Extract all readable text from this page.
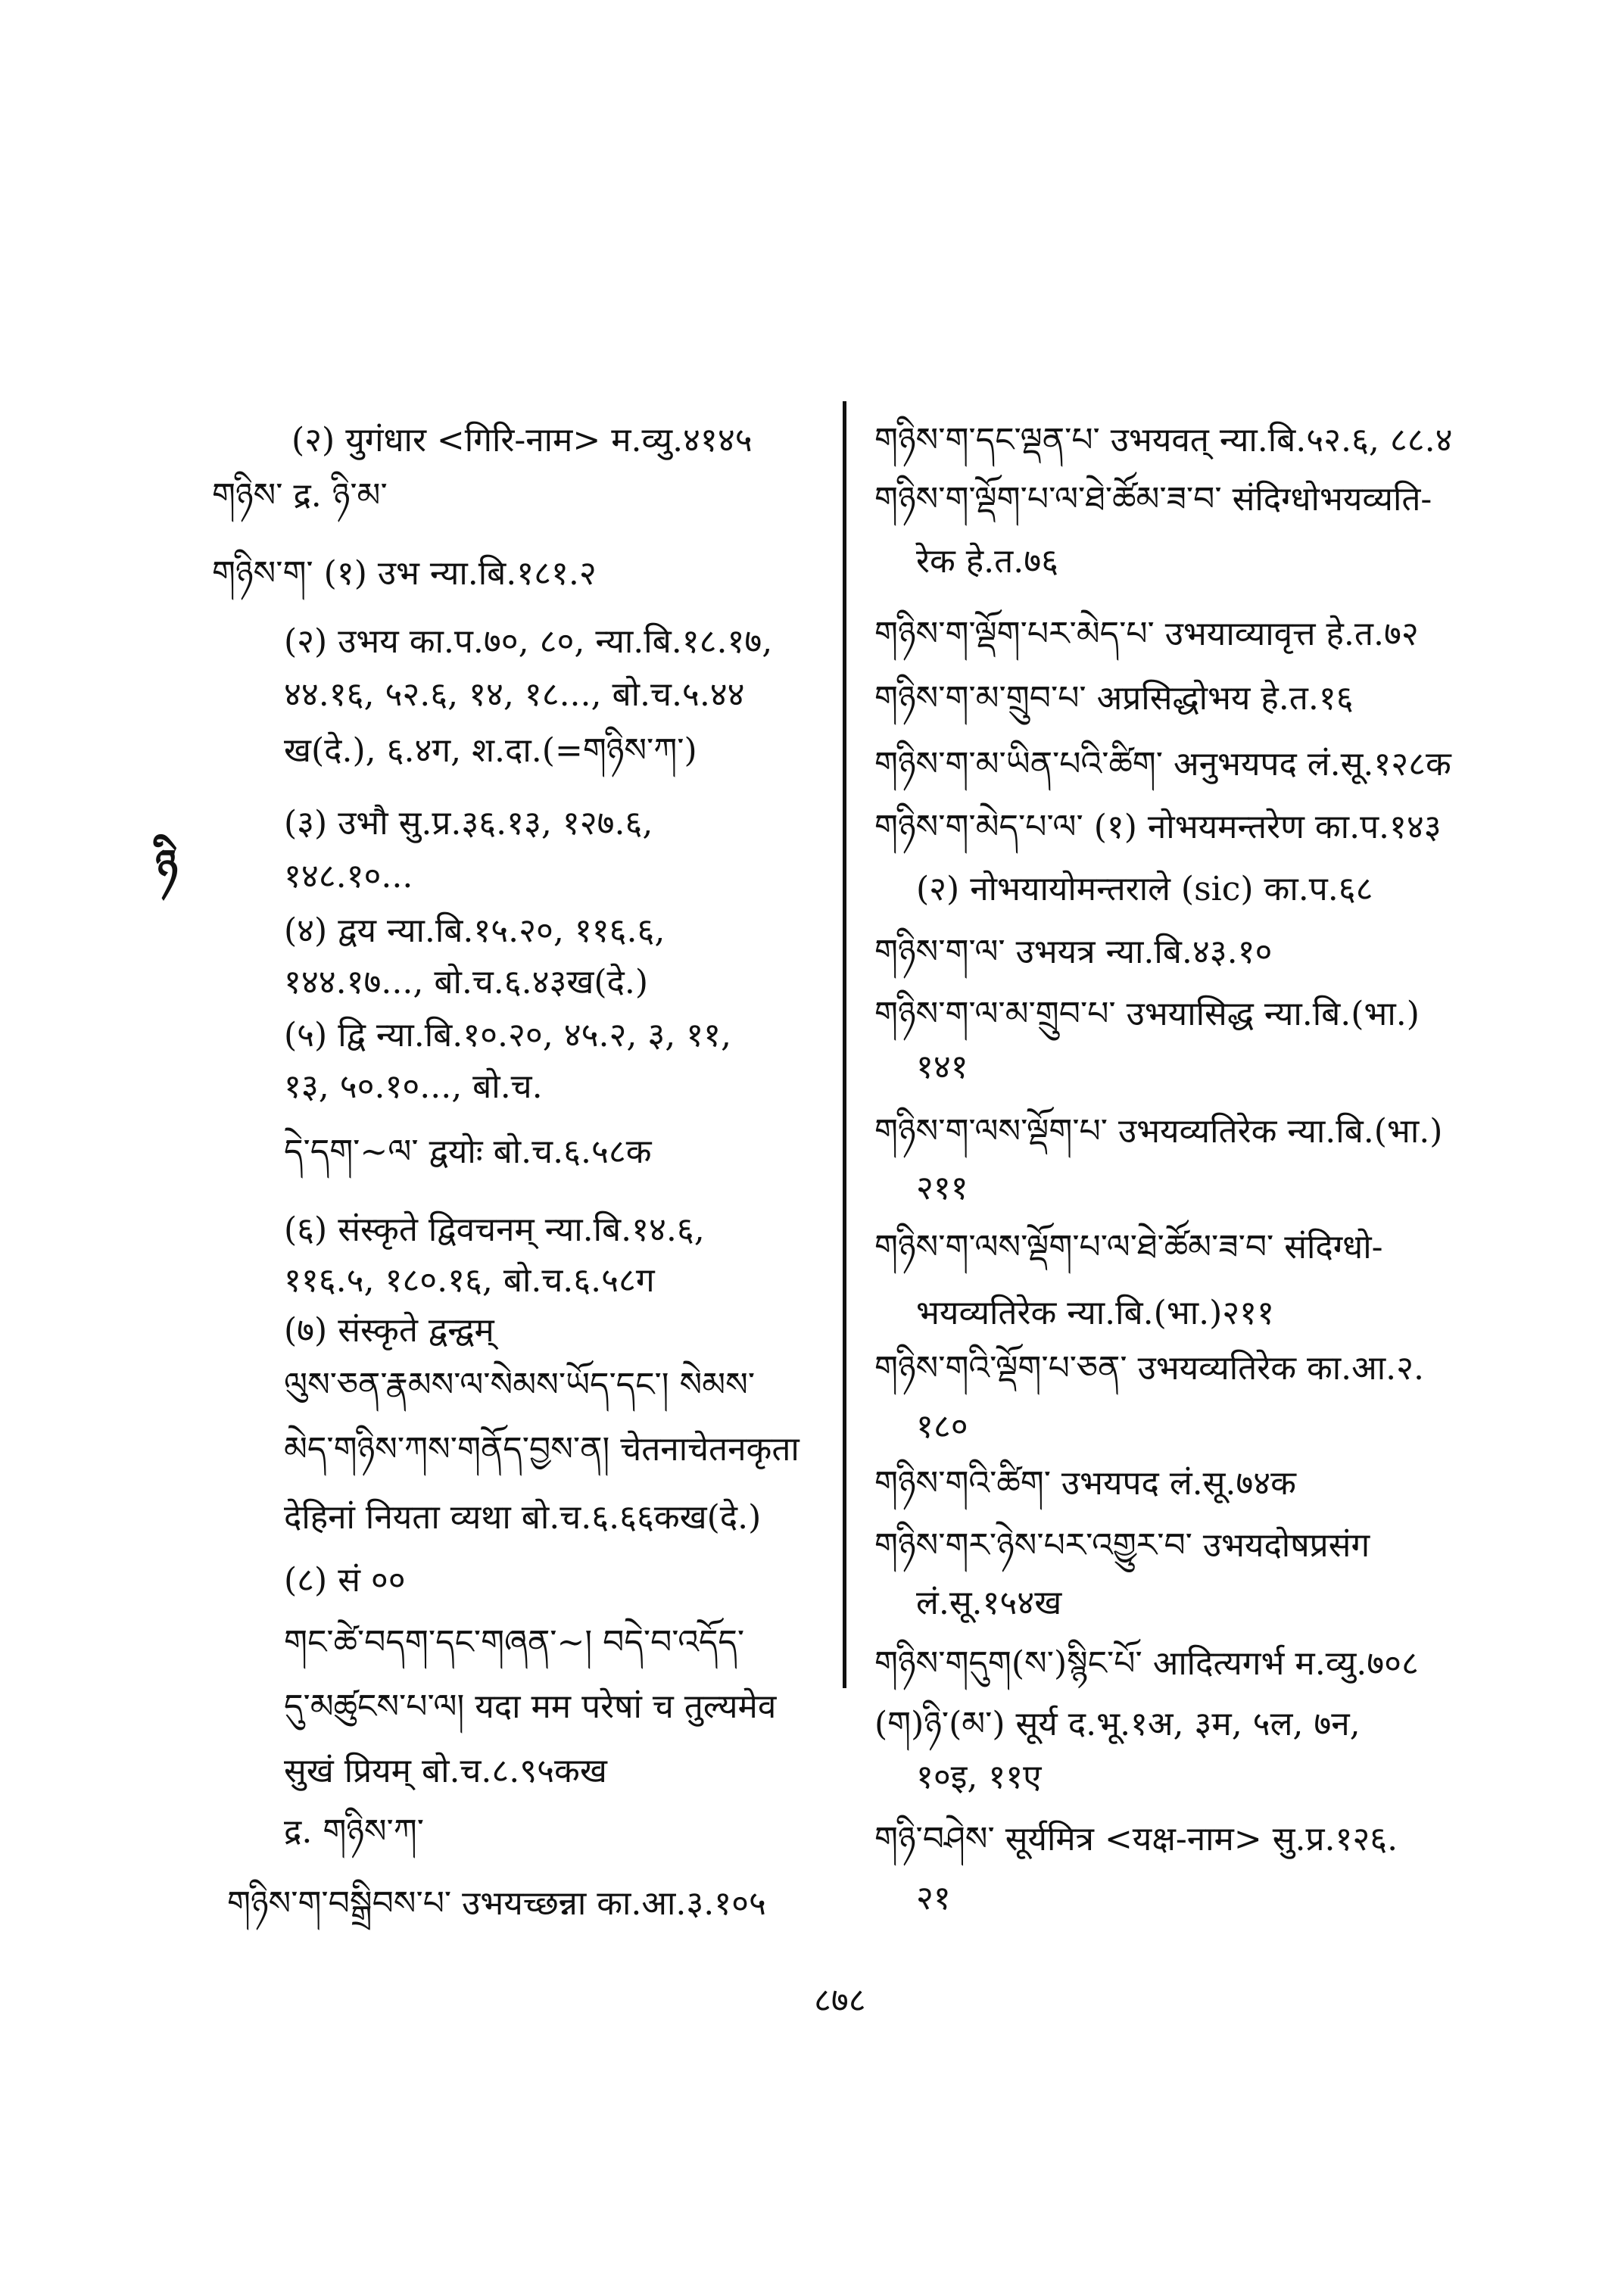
(२) युगंधार <गिरि-नाम> म.व्यु.४१४५
གཉིས་ द्र. ཉི་མ་
གཉིས་ག་ (१) उभ न्या.बि.१८१.२
(२) उभय का.प.७०, ८०, न्या.बि.१८.१७,
४४.१६, ५२.६, १४, १८..., बो.च.५.४४
ख(दे.), ६.४ग, श.दा.(=གཉིས་ཀ་)
(३) उभौ सु.प्र.३६.१३, १२७.६,
१४८.१०...
(४) द्वय न्या.बि.१५.२०, ११६.६,
१४४.१७..., बो.च.६.४३ख(दे.)
(५) द्वि न्या.बि.१०.२०, ४५.२, ३, ११,
१३, ५०.१०..., बो.च.
དེ་དག་~ལ་ द्वयोः बो.च.६.५८क
(६) संस्कृते द्विवचनम् न्या.बि.१४.६,
११६.५, १८०.१६, बो.च.६.५८ग
(७) संस्कृते द्वन्द्वम्
ལུས་ཅན་རྣམས་ལ་སེམས་ཡོད་དང་། སེམས་
མེད་གཉིས་ཀས་གནོད་བྱས་ན། चेतनाचेतनकृता
देहिनां नियता व्यथा बो.च.६.६६कख(दे.)
(८) सं ००
གང་ཚེ་བདག་དང་གཞན་~། བདེ་བ་འདོད་
དུ་མཚུངས་པ་ལ། यदा मम परेषां च तुल्यमेव
सुखं प्रियम् बो.च.८.९५कख
द्र. གཉིས་ཀ་
གཉིས་ག་བསྒྲིབས་པ་ उभयच्छन्ना का.आ.३.१०५
གཉིས་ག་དང་ལྡན་པ་ उभयवत् न्या.बि.५२.६, ८८.४
གཉིས་ག་ལྡོག་པ་ལ་ཐེ་ཚོམ་ཟ་བ་ संदिग्धोभयव्यति-
रेक हे.त.७६
གཉིས་ག་ལྡོག་པར་མེད་པ་ उभयाव्यावृत्त हे.त.७२
གཉིས་ག་མ་གྲུབ་པ་ अप्रसिद्धोभय हे.त.१६
གཉིས་ག་མ་ཡིན་པའི་ཚིག་ अनुभयपद लं.सू.१२८क
གཉིས་ག་མེད་པ་ལ་ (१) नोभयमन्तरेण का.प.१४३
(२) नोभयायोमन्तराले (sic) का.प.६८
གཉིས་ག་ལ་ उभयत्र न्या.बि.४३.१०
གཉིས་ག་ལ་མ་གྲུབ་པ་ उभयासिद्ध न्या.बि.(भा.)
१४१
གཉིས་ག་ལས་ལྡོག་པ་ उभयव्यतिरेक न्या.बि.(भा.)
२११
གཉིས་ག་ལས་ལྡོག་པ་ལ་ཐེ་ཚོམ་ཟ་བ་ संदिग्धो-
भयव्यतिरेक न्या.बि.(भा.)२११
གཉིས་གའི་ལྡོག་པ་ཅན་ उभयव्यतिरेक का.आ.२.
१८०
གཉིས་གའི་ཚིག་ उभयपद लं.सू.७४क
གཉིས་གར་ཉེས་པར་འགྱུར་བ་ उभयदोषप्रसंग
लं.सू.१५४ख
གཉིས་གདུག(ས་)སྙིང་པོ་ आदित्यगर्भ म.व्यु.७०८
(ག)ཉི་(མ་) सूर्य द.भू.१अ, ३म, ५ल, ७न,
१०इ, ११ए
གཉི་བཤེས་ सूर्यमित्र <यक्ष-नाम> सु.प्र.१२६.
२१
ཉི
८७८
